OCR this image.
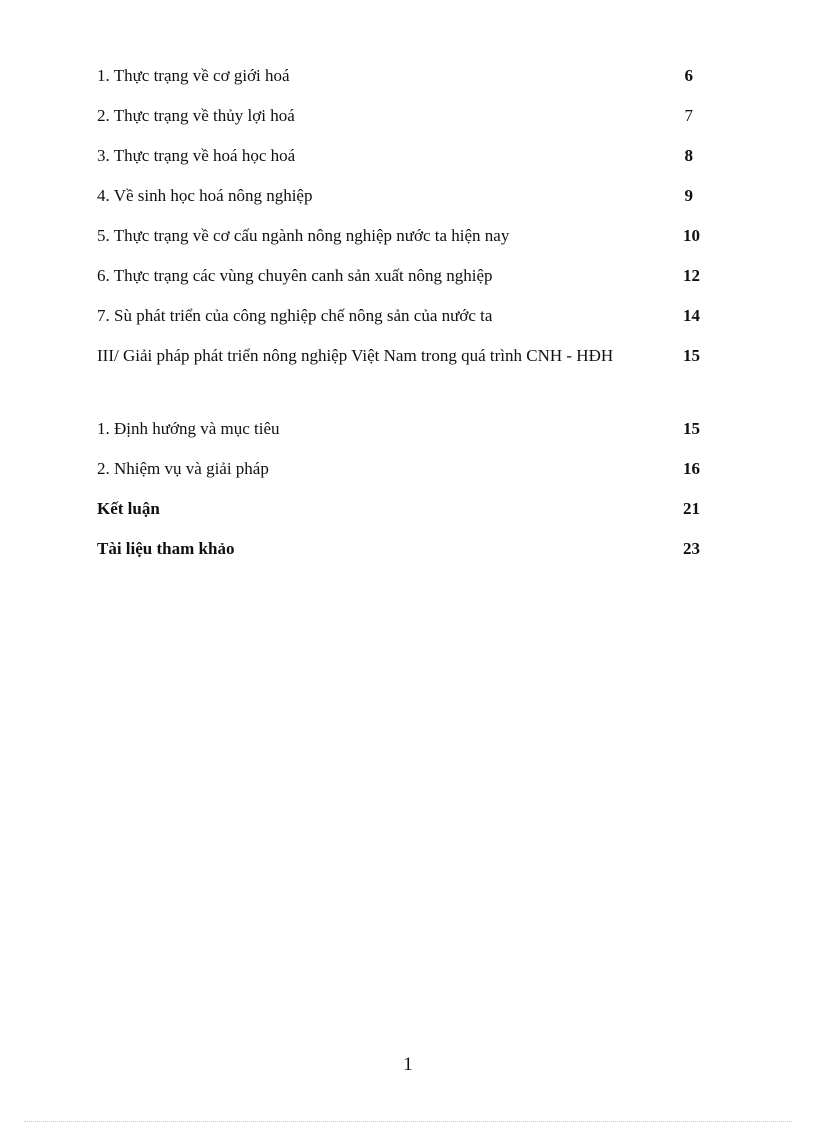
1. Thực trạng về cơ giới hoá	6
2. Thực trạng về thủy lợi hoá	7
3. Thực trạng về hoá học hoá	8
4. Về sinh học hoá nông nghiệp	9
5. Thực trạng về cơ cấu ngành nông nghiệp nước ta hiện nay	10
6. Thực trạng các vùng chuyên canh sản xuất nông nghiệp	12
7. Sù phát triển của công nghiệp chế nông sản của nước ta	14
III/ Giải pháp phát triển nông nghiệp Việt Nam trong quá trình CNH - HĐH	15
1. Định hướng và mục tiêu	15
2. Nhiệm vụ và giải pháp	16
Kết luận	21
Tài liệu tham khảo	23
1
